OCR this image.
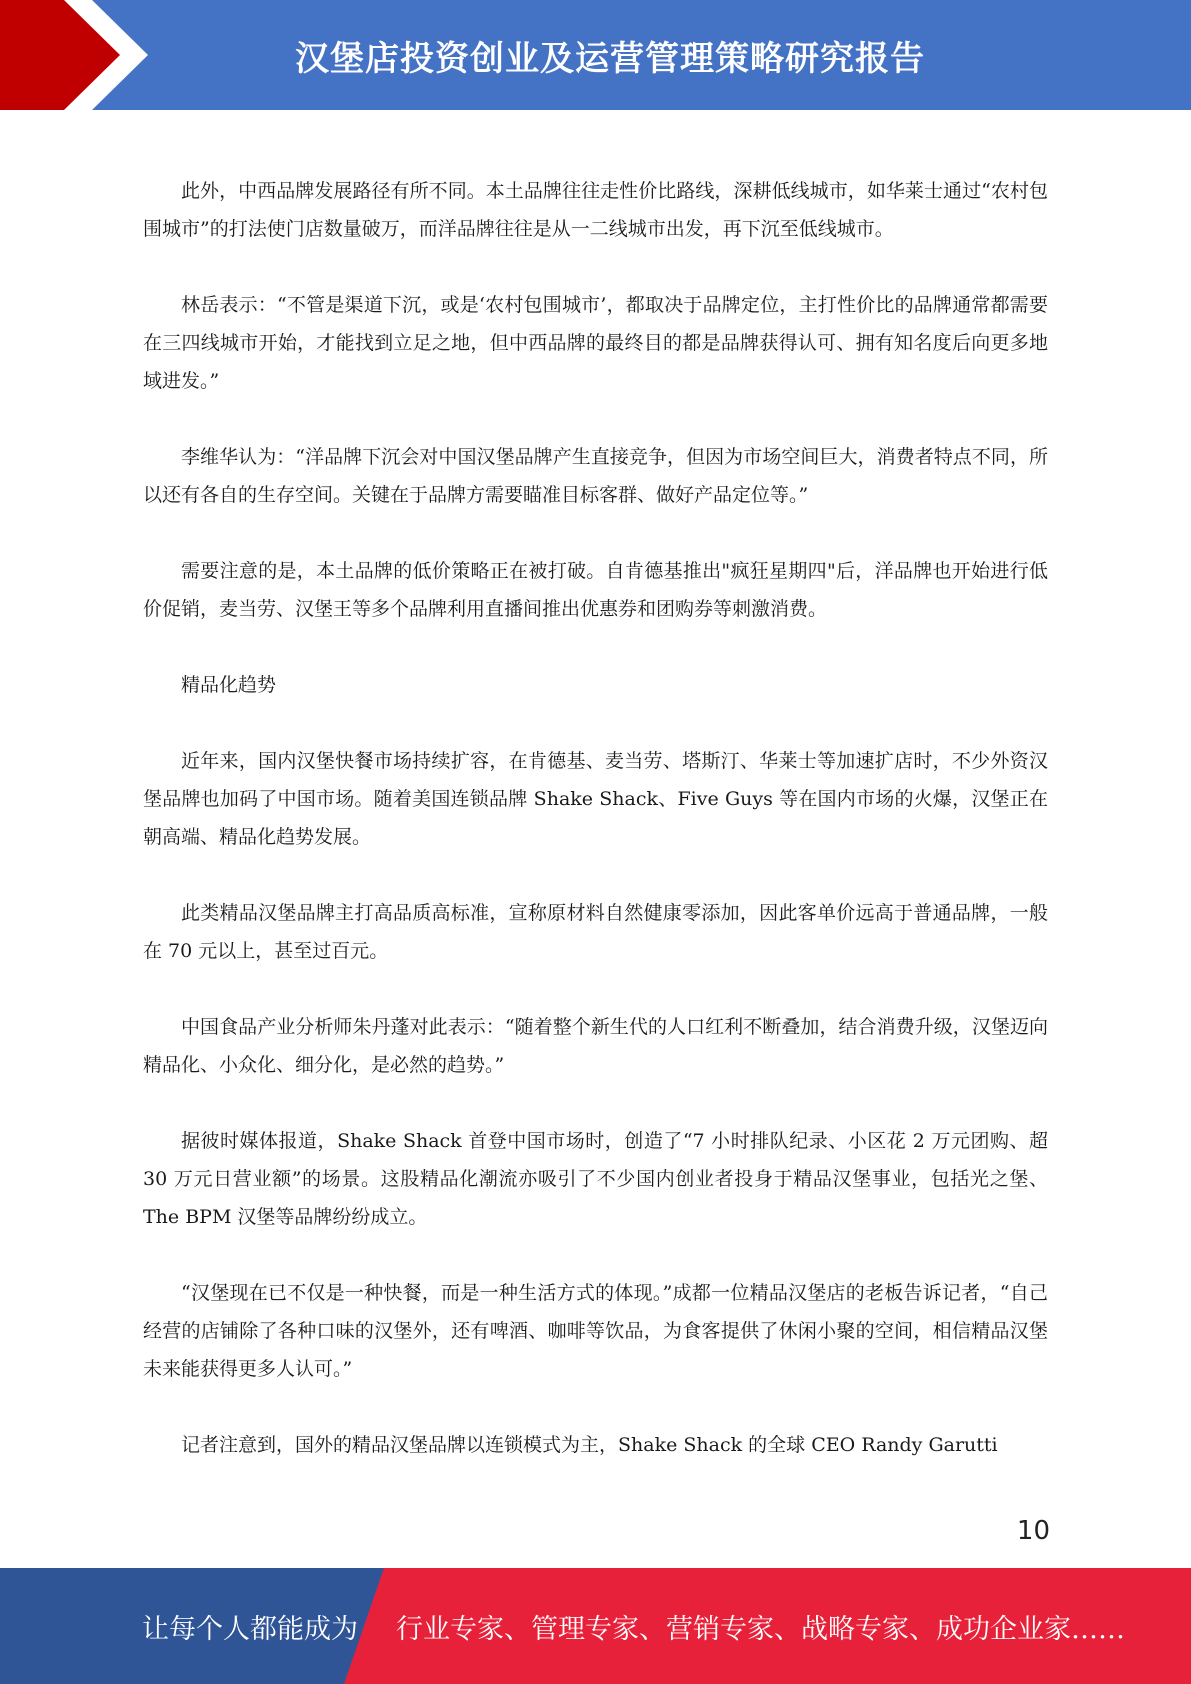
汉堡店投资创业及运营管理策略研究报告

此外，中西品牌发展路径有所不同。本土品牌往往走性价比路线，深耕低线城市，如华莱士通过“农村包围城市”的打法使门店数量破万，而洋品牌往往是从一二线城市出发，再下沉至低线城市。

林岳表示：“不管是渠道下沉，或是‘农村包围城市’，都取决于品牌定位，主打性价比的品牌通常都需要在三四线城市开始，才能找到立足之地，但中西品牌的最终目的都是品牌获得认可、拥有知名度后向更多地域进发。”

李维华认为：“洋品牌下沉会对中国汉堡品牌产生直接竞争，但因为市场空间巨大，消费者特点不同，所以还有各自的生存空间。关键在于品牌方需要瞄准目标客群、做好产品定位等。”

需要注意的是，本土品牌的低价策略正在被打破。自肯德基推出"疯狂星期四"后，洋品牌也开始进行低价促销，麦当劳、汉堡王等多个品牌利用直播间推出优惠券和团购券等刺激消费。

精品化趋势

近年来，国内汉堡快餐市场持续扩容，在肯德基、麦当劳、塔斯汀、华莱士等加速扩店时，不少外资汉堡品牌也加码了中国市场。随着美国连锁品牌 Shake Shack、Five Guys 等在国内市场的火爆，汉堡正在朝高端、精品化趋势发展。

此类精品汉堡品牌主打高品质高标准，宣称原材料自然健康零添加，因此客单价远高于普通品牌，一般在 70 元以上，甚至过百元。

中国食品产业分析师朱丹蓬对此表示：“随着整个新生代的人口红利不断叠加，结合消费升级，汉堡迈向精品化、小众化、细分化，是必然的趋势。”

据彼时媒体报道，Shake Shack 首登中国市场时，创造了“7 小时排队纪录、小区花 2 万元团购、超 30 万元日营业额”的场景。这股精品化潮流亦吸引了不少国内创业者投身于精品汉堡事业，包括光之堡、The BPM 汉堡等品牌纷纷成立。

“汉堡现在已不仅是一种快餐，而是一种生活方式的体现。”成都一位精品汉堡店的老板告诉记者，“自己经营的店铺除了各种口味的汉堡外，还有啤酒、咖啡等饮品，为食客提供了休闲小聚的空间，相信精品汉堡未来能获得更多人认可。”

记者注意到，国外的精品汉堡品牌以连锁模式为主，Shake Shack 的全球 CEO Randy Garutti

10
让每个人都能成为 行业专家、管理专家、营销专家、战略专家、成功企业家……
